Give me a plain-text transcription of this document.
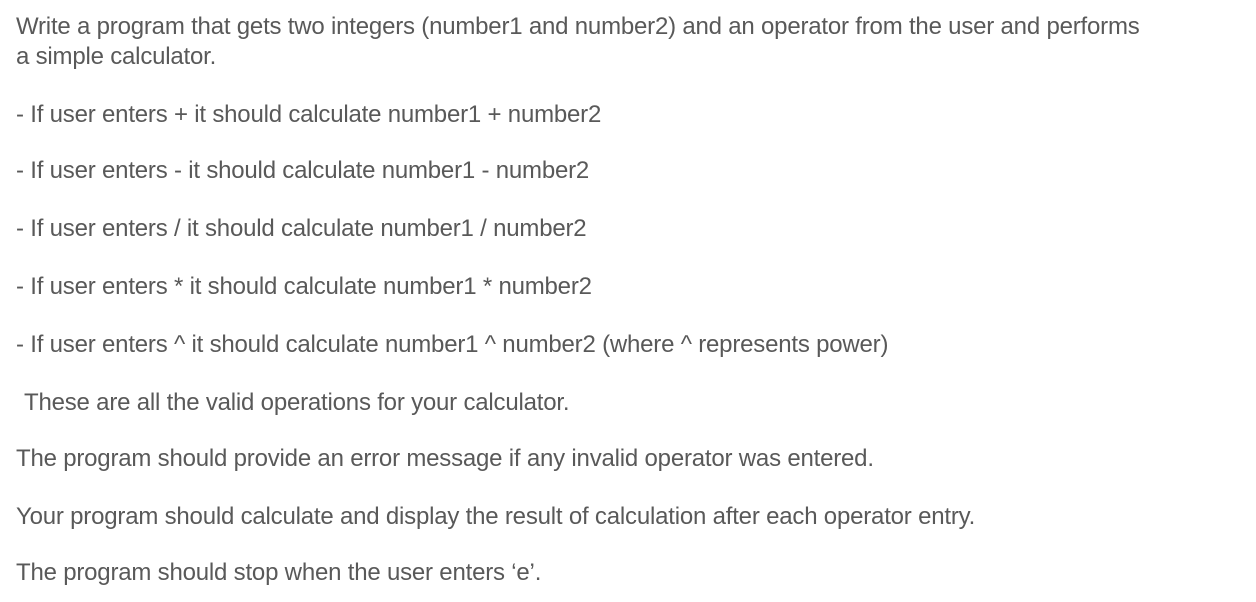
Write a program that gets two integers (number1 and number2) and an operator from the user and performs

a simple calculator.

- If user enters + it should calculate number1 + number2

- If user enters - it should calculate number1 - number2

- If user enters / it should calculate number1 / number2

- If user enters * it should calculate number1 * number2

- If user enters ^ it should calculate number1 ^ number2 (where ^ represents power)

These are all the valid operations for your calculator.

The program should provide an error message if any invalid operator was entered.

Your program should calculate and display the result of calculation after each operator entry.

The program should stop when the user enters ‘e’.
